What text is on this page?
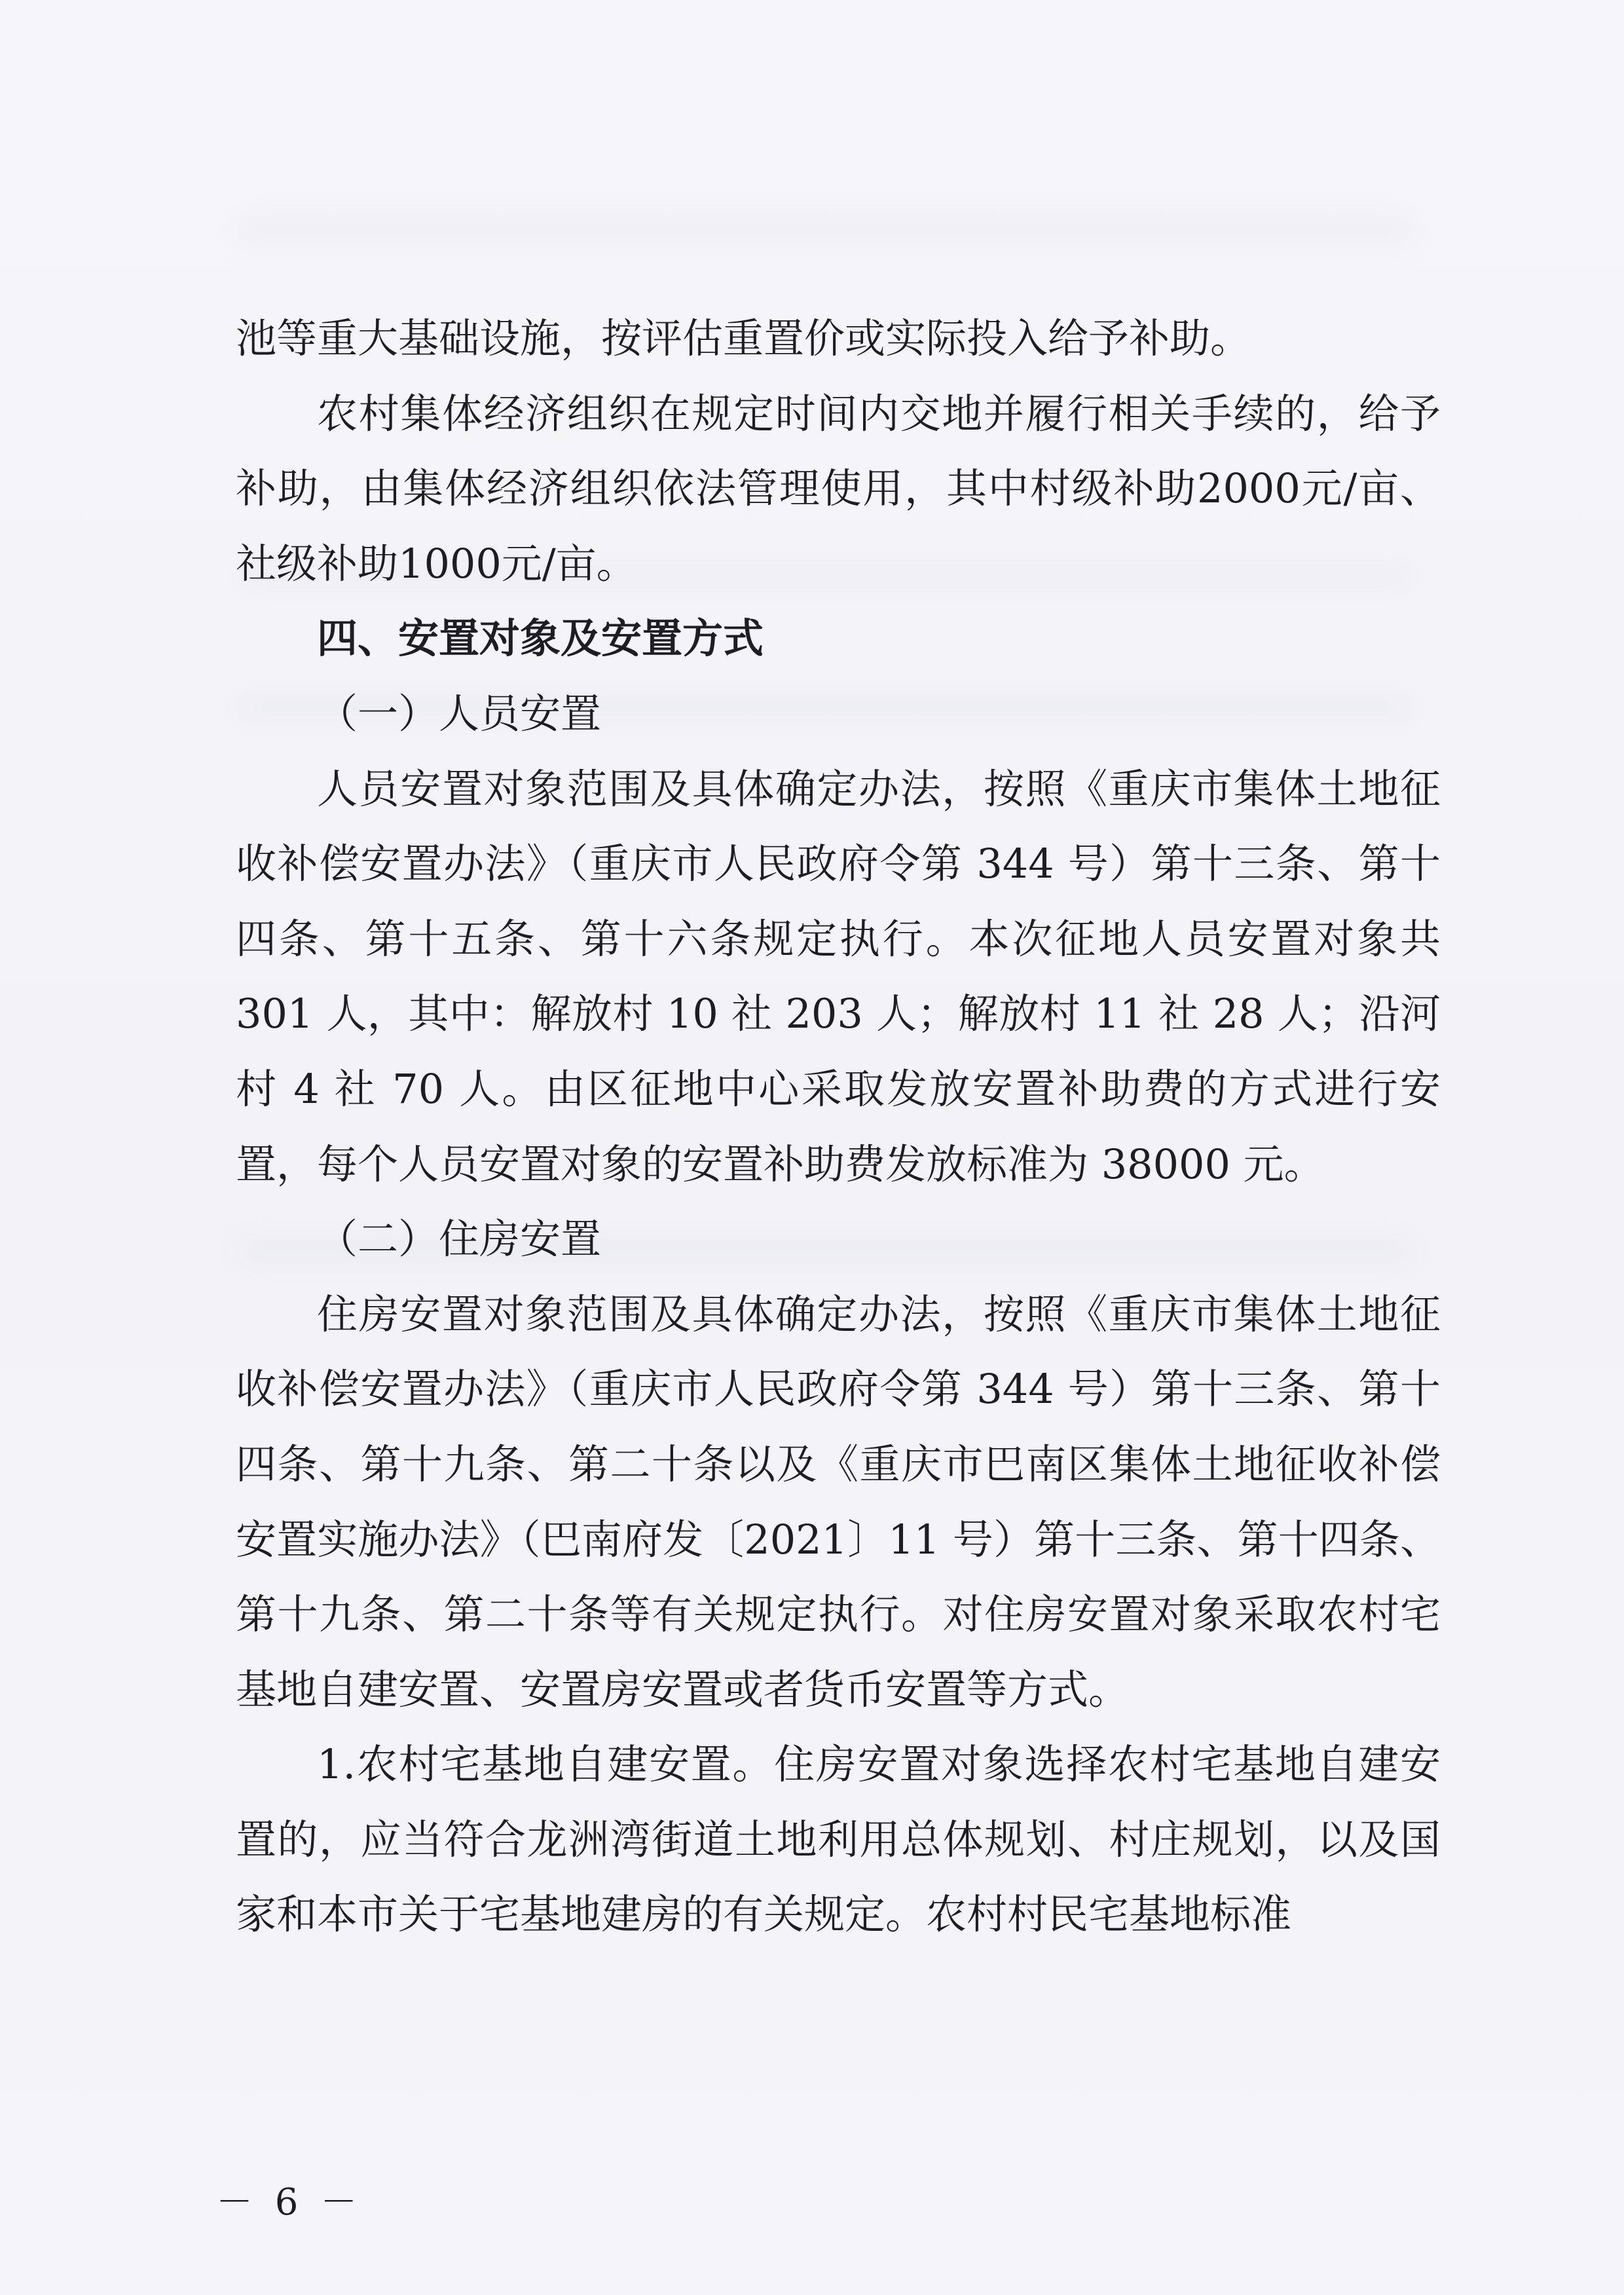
池等重大基础设施，按评估重置价或实际投入给予补助。

农村集体经济组织在规定时间内交地并履行相关手续的，给予补助，由集体经济组织依法管理使用，其中村级补助2000元/亩、社级补助1000元/亩。

四、安置对象及安置方式

（一）人员安置

人员安置对象范围及具体确定办法，按照《重庆市集体土地征收补偿安置办法》（重庆市人民政府令第 344 号）第十三条、第十四条、第十五条、第十六条规定执行。本次征地人员安置对象共 301 人，其中：解放村 10 社 203 人；解放村 11 社 28 人；沿河村 4 社 70 人。由区征地中心采取发放安置补助费的方式进行安置，每个人员安置对象的安置补助费发放标准为 38000 元。

（二）住房安置

住房安置对象范围及具体确定办法，按照《重庆市集体土地征收补偿安置办法》（重庆市人民政府令第 344 号）第十三条、第十四条、第十九条、第二十条以及《重庆市巴南区集体土地征收补偿安置实施办法》（巴南府发〔2021〕11 号）第十三条、第十四条、第十九条、第二十条等有关规定执行。对住房安置对象采取农村宅基地自建安置、安置房安置或者货币安置等方式。

1.农村宅基地自建安置。住房安置对象选择农村宅基地自建安置的，应当符合龙洲湾街道土地利用总体规划、村庄规划，以及国家和本市关于宅基地建房的有关规定。农村村民宅基地标准

－ 6 －
